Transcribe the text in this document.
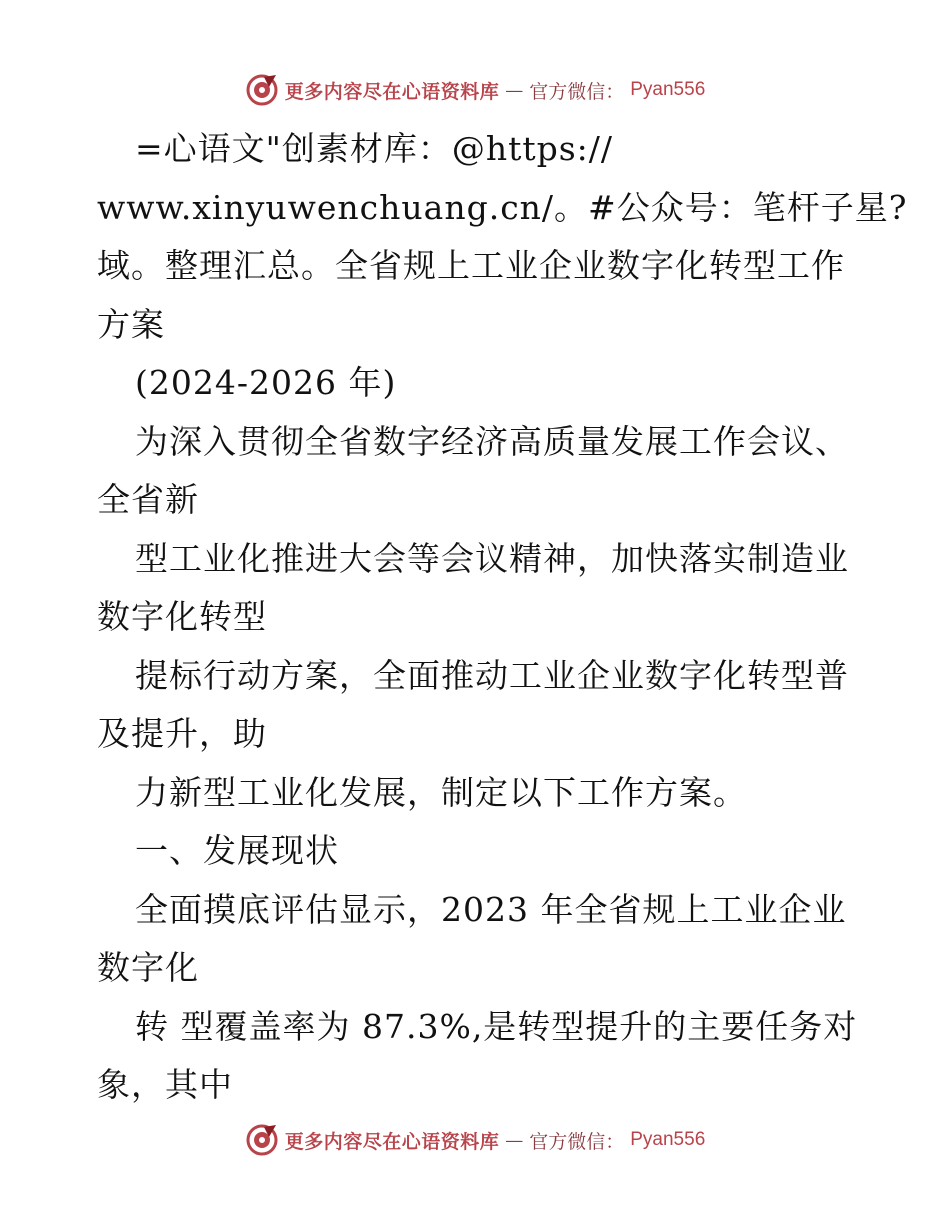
更多内容尽在心语资料库 — 官方微信： Pyan556
=心语文"创素材库：@https://
www.xinyuwenchuang.cn/。#公众号：笔杆子星?
域。整理汇总。全省规上工业企业数字化转型工作
方案
(2024-2026 年)
为深入贯彻全省数字经济高质量发展工作会议、
全省新
型工业化推进大会等会议精神，加快落实制造业
数字化转型
提标行动方案，全面推动工业企业数字化转型普
及提升，助
力新型工业化发展，制定以下工作方案。
一、发展现状
全面摸底评估显示，2023 年全省规上工业企业
数字化
转 型覆盖率为 87.3%,是转型提升的主要任务对
象，其中
更多内容尽在心语资料库 — 官方微信： Pyan556
